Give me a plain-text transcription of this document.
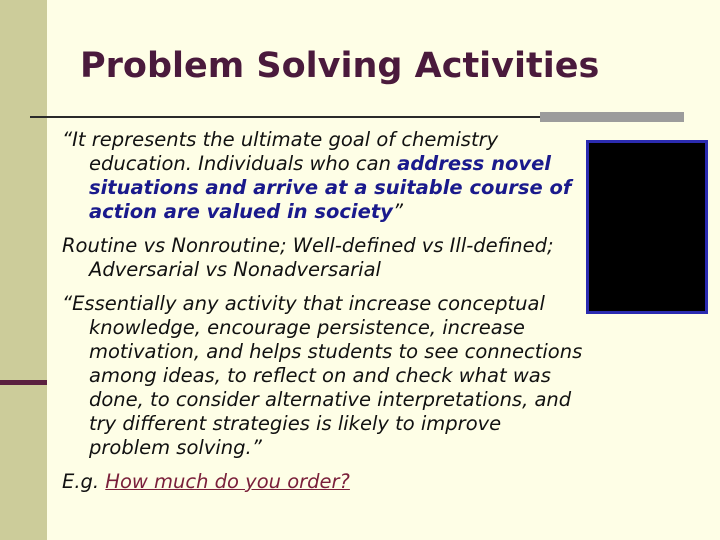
Problem Solving Activities

“It represents the ultimate goal of chemistry education. Individuals who can address novel situations and arrive at a suitable course of action are valued in society”

Routine vs Nonroutine; Well-defined vs Ill-defined; Adversarial vs Nonadversarial

“Essentially any activity that increase conceptual knowledge, encourage persistence, increase motivation, and helps students to see connections among ideas, to reflect on and check what was done, to consider alternative interpretations, and try different strategies is likely to improve problem solving.”

E.g. How much do you order?
